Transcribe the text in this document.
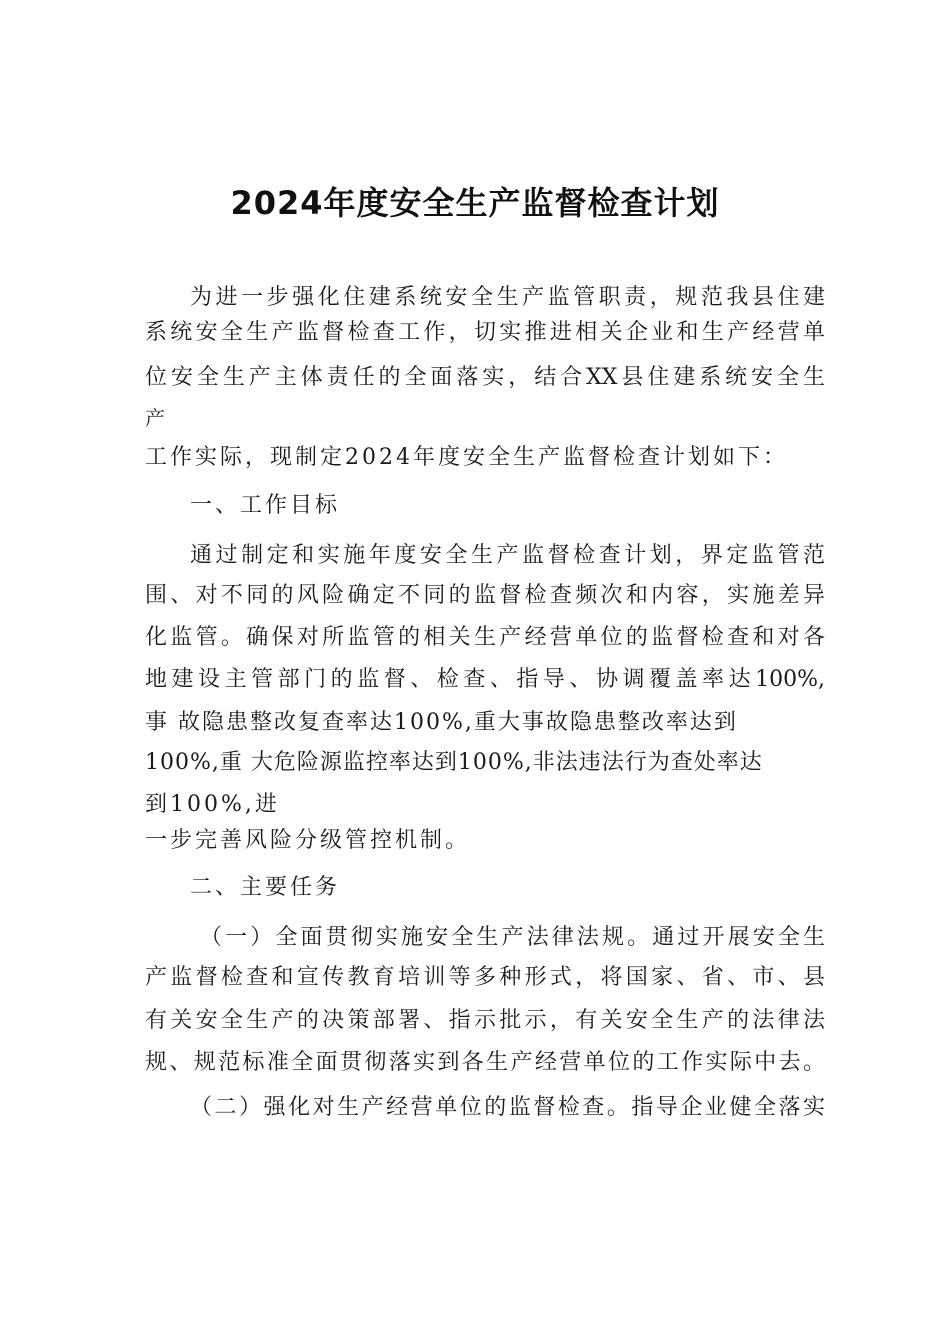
2024年度安全生产监督检查计划
为进一步强化住建系统安全生产监管职责，规范我县住建
系统安全生产监督检查工作，切实推进相关企业和生产经营单
位安全生产主体责任的全面落实，结合XX县住建系统安全生
产
工作实际，现制定2024年度安全生产监督检查计划如下：
一、工作目标
通过制定和实施年度安全生产监督检查计划，界定监管范
围、对不同的风险确定不同的监督检查频次和内容，实施差异
化监管。确保对所监管的相关生产经营单位的监督检查和对各
地建设主管部门的监督、检查、指导、协调覆盖率达100%,
事 故隐患整改复查率达100%,重大事故隐患整改率达到
100%,重 大危险源监控率达到100%,非法违法行为查处率达
到100%,进
一步完善风险分级管控机制。
二、主要任务
（一）全面贯彻实施安全生产法律法规。通过开展安全生
产监督检查和宣传教育培训等多种形式，将国家、省、市、县
有关安全生产的决策部署、指示批示，有关安全生产的法律法
规、规范标准全面贯彻落实到各生产经营单位的工作实际中去。
（二）强化对生产经营单位的监督检查。指导企业健全落实
